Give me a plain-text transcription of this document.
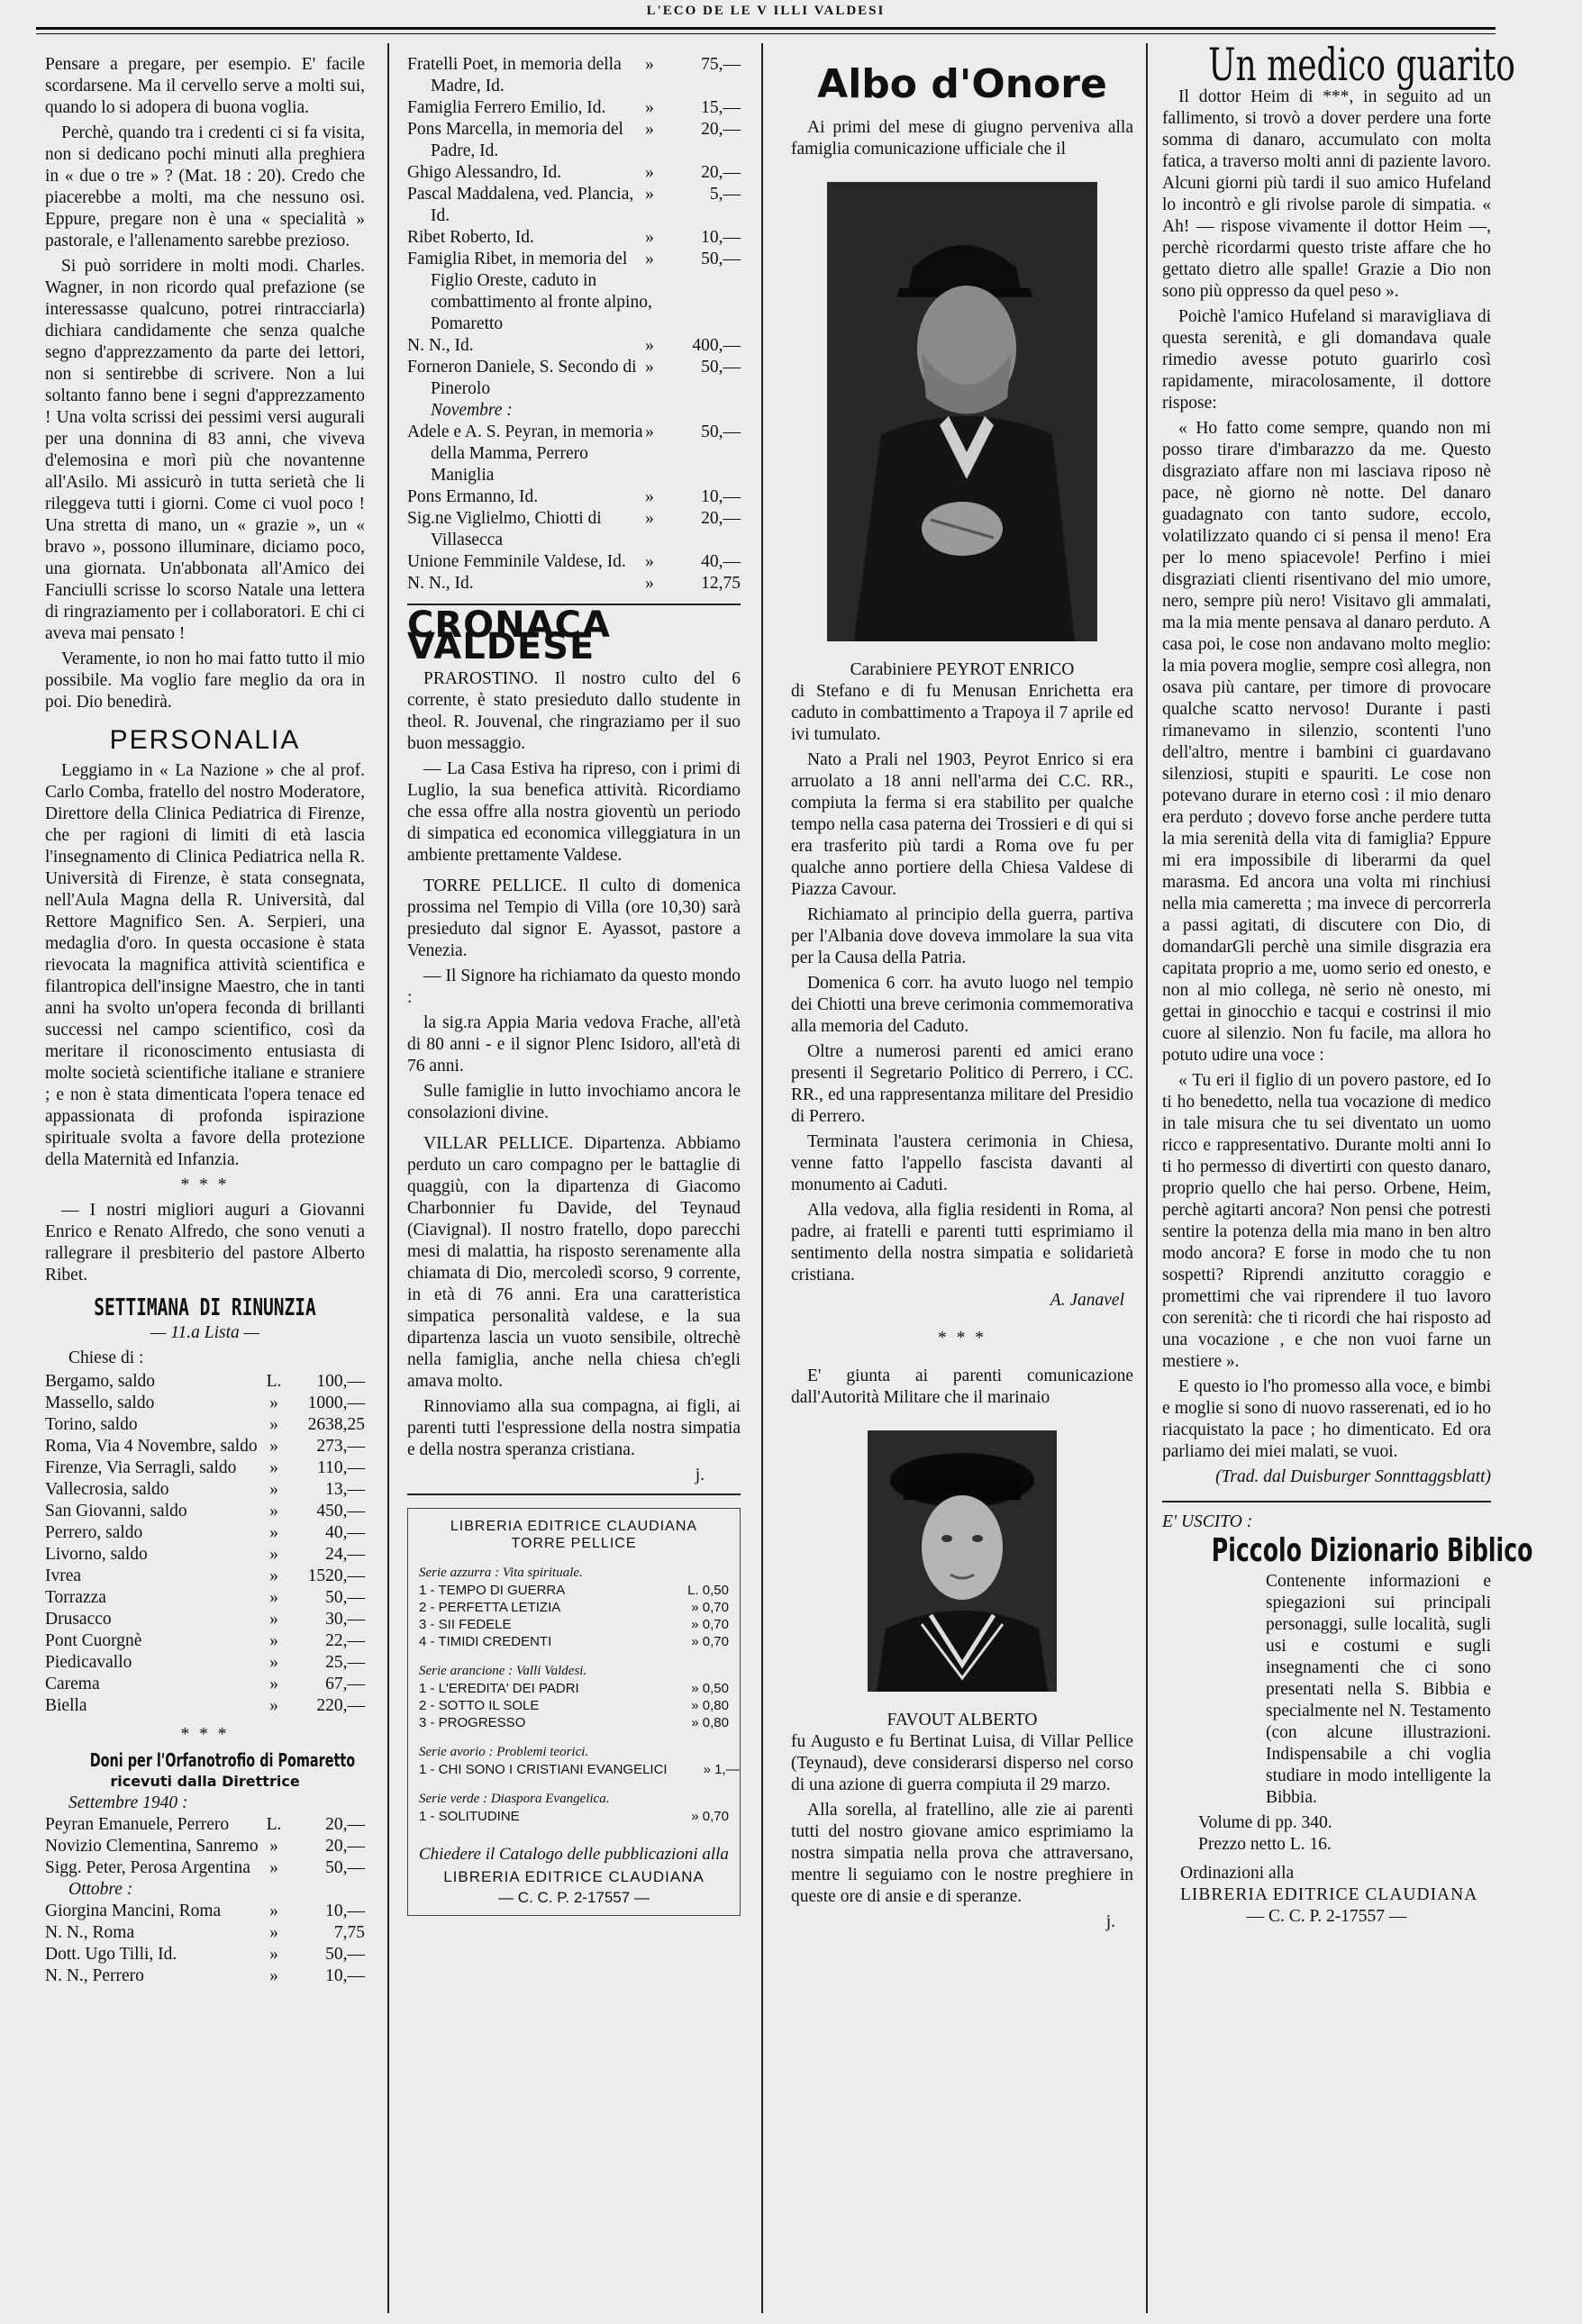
L'ECO DE LE V ILLI VALDESI

Pensare a pregare, per esempio. E' facile scordarsene. Ma il cervello serve a molti sui, quando lo si adopera di buona voglia.

Perchè, quando tra i credenti ci si fa visita, non si dedicano pochi minuti alla preghiera in « due o tre » ? (Mat. 18 : 20). Credo che piacerebbe a molti, ma che nessuno osi. Eppure, pregare non è una « specialità » pastorale, e l'allenamento sarebbe prezioso.

Si può sorridere in molti modi. Charles. Wagner, in non ricordo qual prefazione (se interessasse qualcuno, potrei rintracciarla) dichiara candidamente che senza qualche segno d'apprezzamento da parte dei lettori, non si sentirebbe di scrivere. Non a lui soltanto fanno bene i segni d'apprezzamento ! Una volta scrissi dei pessimi versi augurali per una donnina di 83 anni, che viveva d'elemosina e morì più che novantenne all'Asilo. Mi assicurò in tutta serietà che li rileggeva tutti i giorni. Come ci vuol poco ! Una stretta di mano, un « grazie », un « bravo », possono illuminare, diciamo poco, una giornata. Un'abbonata all'Amico dei Fanciulli scrisse lo scorso Natale una lettera di ringraziamento per i collaboratori. E chi ci aveva mai pensato !

Veramente, io non ho mai fatto tutto il mio possibile. Ma voglio fare meglio da ora in poi. Dio benedirà.

PERSONALIA

Leggiamo in « La Nazione » che al prof. Carlo Comba, fratello del nostro Moderatore, Direttore della Clinica Pediatrica di Firenze, che per ragioni di limiti di età lascia l'insegnamento di Clinica Pediatrica nella R. Università di Firenze, è stata consegnata, nell'Aula Magna della R. Università, dal Rettore Magnifico Sen. A. Serpieri, una medaglia d'oro. In questa occasione è stata rievocata la magnifica attività scientifica e filantropica dell'insigne Maestro, che in tanti anni ha svolto un'opera feconda di brillanti successi nel campo scientifico, così da meritare il riconoscimento entusiasta di molte società scientifiche italiane e straniere ; e non è stata dimenticata l'opera tenace ed appassionata di profonda ispirazione spirituale svolta a favore della protezione della Maternità ed Infanzia.

* * *

— I nostri migliori auguri a Giovanni Enrico e Renato Alfredo, che sono venuti a rallegrare il presbiterio del pastore Alberto Ribet.

SETTIMANA DI RINUNZIA
— 11.a Lista —
Chiese di :
Bergamo, saldo	L.	100,—
Massello, saldo	»	1000,—
Torino, saldo	»	2638,25
Roma, Via 4 Novembre, saldo »	273,—
Firenze, Via Serragli, saldo	»	110,—
Vallecrosia, saldo	»	13,—
San Giovanni, saldo	»	450,—
Perrero, saldo	»	40,—
Livorno, saldo	»	24,—
Ivrea	»	1520,—
Torrazza	»	50,—
Drusacco	»	30,—
Pont Cuorgnè	»	22,—
Piedicavallo	»	25,—
Carema	»	67,—
Biella	»	220,—
* * *
Doni per l'Orfanotrofio di Pomaretto
ricevuti dalla Direttrice
Settembre 1940 :
Peyran Emanuele, Perrero	L.	20,—
Novizio Clementina, Sanremo »	20,—
Sigg. Peter, Perosa Argentina	»	50,—
Ottobre :
Giorgina Mancini, Roma	»	10,—
N. N., Roma	»	7,75
Dott. Ugo Tilli, Id.	»	50,—
N. N., Perrero	»	10,—
Fratelli Poet, in memoria della Madre, Id.
»	75,—
Famiglia Ferrero Emilio, Id.	»	15,—
Pons Marcella, in memoria del Padre, Id.
»	20,—
Ghigo Alessandro, Id.	»	20,—
Pascal Maddalena, ved. Plancia, Id.
»	5,—
Ribet Roberto, Id.	»	10,—
Famiglia Ribet, in memoria del Figlio Oreste, caduto in combattimento al fronte alpino, Pomaretto
»	50,—
N. N., Id.	»	400,—
Forneron Daniele, S. Secondo di Pinerolo
»	50,—
Novembre :
Adele e A. S. Peyran, in memoria della Mamma, Perrero Maniglia
»	50,—
Pons Ermanno, Id.	»	10,—
Sig.ne Viglielmo, Chiotti di Villasecca
»	20,—
Unione Femminile Valdese, Id.	»	40,—
N. N., Id.	»	12,75
CRONACA VALDESE

PRAROSTINO. Il nostro culto del 6 corrente, è stato presieduto dallo studente in theol. R. Jouvenal, che ringraziamo per il suo buon messaggio.

— La Casa Estiva ha ripreso, con i primi di Luglio, la sua benefica attività. Ricordiamo che essa offre alla nostra gioventù un periodo di simpatica ed economica villeggiatura in un ambiente prettamente Valdese.

TORRE PELLICE. Il culto di domenica prossima nel Tempio di Villa (ore 10,30) sarà presieduto dal signor E. Ayassot, pastore a Venezia.

— Il Signore ha richiamato da questo mondo :

la sig.ra Appia Maria vedova Frache, all'età di 80 anni - e il signor Plenc Isidoro, all'età di 76 anni.

Sulle famiglie in lutto invochiamo ancora le consolazioni divine.

VILLAR PELLICE. Dipartenza. Abbiamo perduto un caro compagno per le battaglie di quaggiù, con la dipartenza di Giacomo Charbonnier fu Davide, del Teynaud (Ciavignal). Il nostro fratello, dopo parecchi mesi di malattia, ha risposto serenamente alla chiamata di Dio, mercoledì scorso, 9 corrente, in età di 76 anni. Era una caratteristica simpatica personalità valdese, e la sua dipartenza lascia un vuoto sensibile, oltrechè nella famiglia, anche nella chiesa ch'egli amava molto.

Rinnoviamo alla sua compagna, ai figli, ai parenti tutti l'espressione della nostra simpatia e della nostra speranza cristiana.

j.
LIBRERIA EDITRICE CLAUDIANA
TORRE PELLICE
Serie azzurra : Vita spirituale.
1 - TEMPO DI GUERRA	L. 0,50
2 - PERFETTA LETIZIA	» 0,70
3 - SII FEDELE	» 0,70
4 - TIMIDI CREDENTI	» 0,70
Serie arancione : Valli Valdesi.
1 - L'EREDITA' DEI PADRI	» 0,50
2 - SOTTO IL SOLE	» 0,80
3 - PROGRESSO	» 0,80
Serie avorio : Problemi teorici.
1 - CHI SONO I CRISTIANI EVANGELICI	» 1,—
Serie verde : Diaspora Evangelica.
1 - SOLITUDINE	» 0,70
Chiedere il Catalogo delle pubblicazioni alla
LIBRERIA EDITRICE CLAUDIANA
— C. C. P. 2-17557 —
Albo d'Onore

Ai primi del mese di giugno perveniva alla famiglia comunicazione ufficiale che il

Carabiniere PEYROT ENRICO

di Stefano e di fu Menusan Enrichetta era caduto in combattimento a Trapoya il 7 aprile ed ivi tumulato.

Nato a Prali nel 1903, Peyrot Enrico si era arruolato a 18 anni nell'arma dei C.C. RR., compiuta la ferma si era stabilito per qualche tempo nella casa paterna dei Trossieri e di qui si era trasferito più tardi a Roma ove fu per qualche anno portiere della Chiesa Valdese di Piazza Cavour.

Richiamato al principio della guerra, partiva per l'Albania dove doveva immolare la sua vita per la Causa della Patria.

Domenica 6 corr. ha avuto luogo nel tempio dei Chiotti una breve cerimonia commemorativa alla memoria del Caduto.

Oltre a numerosi parenti ed amici erano presenti il Segretario Politico di Perrero, i CC. RR., ed una rappresentanza militare del Presidio di Perrero.

Terminata l'austera cerimonia in Chiesa, venne fatto l'appello fascista davanti al monumento ai Caduti.

Alla vedova, alla figlia residenti in Roma, al padre, ai fratelli e parenti tutti esprimiamo il sentimento della nostra simpatia e solidarietà cristiana.

A. Janavel
* * *

E' giunta ai parenti comunicazione dall'Autorità Militare che il marinaio

FAVOUT ALBERTO

fu Augusto e fu Bertinat Luisa, di Villar Pellice (Teynaud), deve considerarsi disperso nel corso di una azione di guerra compiuta il 29 marzo.

Alla sorella, al fratellino, alle zie ai parenti tutti del nostro giovane amico esprimiamo la nostra simpatia nella prova che attraversano, mentre li seguiamo con le nostre preghiere in queste ore di ansie e di speranze.

j.
Un medico guarito

Il dottor Heim di ***, in seguito ad un fallimento, si trovò a dover perdere una forte somma di danaro, accumulato con molta fatica, a traverso molti anni di paziente lavoro. Alcuni giorni più tardi il suo amico Hufeland lo incontrò e gli rivolse parole di simpatia. « Ah! — rispose vivamente il dottor Heim —, perchè ricordarmi questo triste affare che ho gettato dietro alle spalle! Grazie a Dio non sono più oppresso da quel peso ».

Poichè l'amico Hufeland si maravigliava di questa serenità, e gli domandava quale rimedio avesse potuto guarirlo così rapidamente, miracolosamente, il dottore rispose:

« Ho fatto come sempre, quando non mi posso tirare d'imbarazzo da me. Questo disgraziato affare non mi lasciava riposo nè pace, nè giorno nè notte. Del danaro guadagnato con tanto sudore, eccolo, volatilizzato quando ci si pensa il meno! Era per lo meno spiacevole! Perfino i miei disgraziati clienti risentivano del mio umore, nero, sempre più nero! Visitavo gli ammalati, ma la mia mente pensava al danaro perduto. A casa poi, le cose non andavano molto meglio: la mia povera moglie, sempre così allegra, non osava più cantare, per timore di provocare qualche scatto nervoso! Durante i pasti rimanevamo in silenzio, scontenti l'uno dell'altro, mentre i bambini ci guardavano silenziosi, stupiti e spauriti. Le cose non potevano durare in eterno così : il mio denaro era perduto ; dovevo forse anche perdere tutta la mia serenità della vita di famiglia? Eppure mi era impossibile di liberarmi da quel marasma. Ed ancora una volta mi rinchiusi nella mia cameretta ; ma invece di percorrerla a passi agitati, di discutere con Dio, di domandarGli perchè una simile disgrazia era capitata proprio a me, uomo serio ed onesto, e non al mio collega, nè serio nè onesto, mi gettai in ginocchio e tacqui e costrinsi il mio cuore al silenzio. Non fu facile, ma allora ho potuto udire una voce :

« Tu eri il figlio di un povero pastore, ed Io ti ho benedetto, nella tua vocazione di medico in tale misura che tu sei diventato un uomo ricco e rappresentativo. Durante molti anni Io ti ho permesso di divertirti con questo danaro, proprio quello che hai perso. Orbene, Heim, perchè agitarti ancora? Non pensi che potresti sentire la potenza della mia mano in ben altro modo ancora? E forse in modo che tu non sospetti? Riprendi anzitutto coraggio e promettimi che vai riprendere il tuo lavoro con serenità: che ti ricordi che hai risposto ad una vocazione , e che non vuoi farne un mestiere ».

E questo io l'ho promesso alla voce, e bimbi e moglie si sono di nuovo rasserenati, ed io ho riacquistato la pace ; ho dimenticato. Ed ora parliamo dei miei malati, se vuoi.

(Trad. dal Duisburger Sonnttaggsblatt)
E' USCITO :
Piccolo Dizionario Biblico

Contenente informazioni e spiegazioni sui principali personaggi, sulle località, sugli usi e costumi e sugli insegnamenti che ci sono presentati nella S. Bibbia e specialmente nel N. Testamento (con alcune illustrazioni. Indispensabile a chi voglia studiare in modo intelligente la Bibbia.

Volume di pp. 340.
Prezzo netto L. 16.
Ordinazioni alla
LIBRERIA EDITRICE CLAUDIANA
— C. C. P. 2-17557 —
